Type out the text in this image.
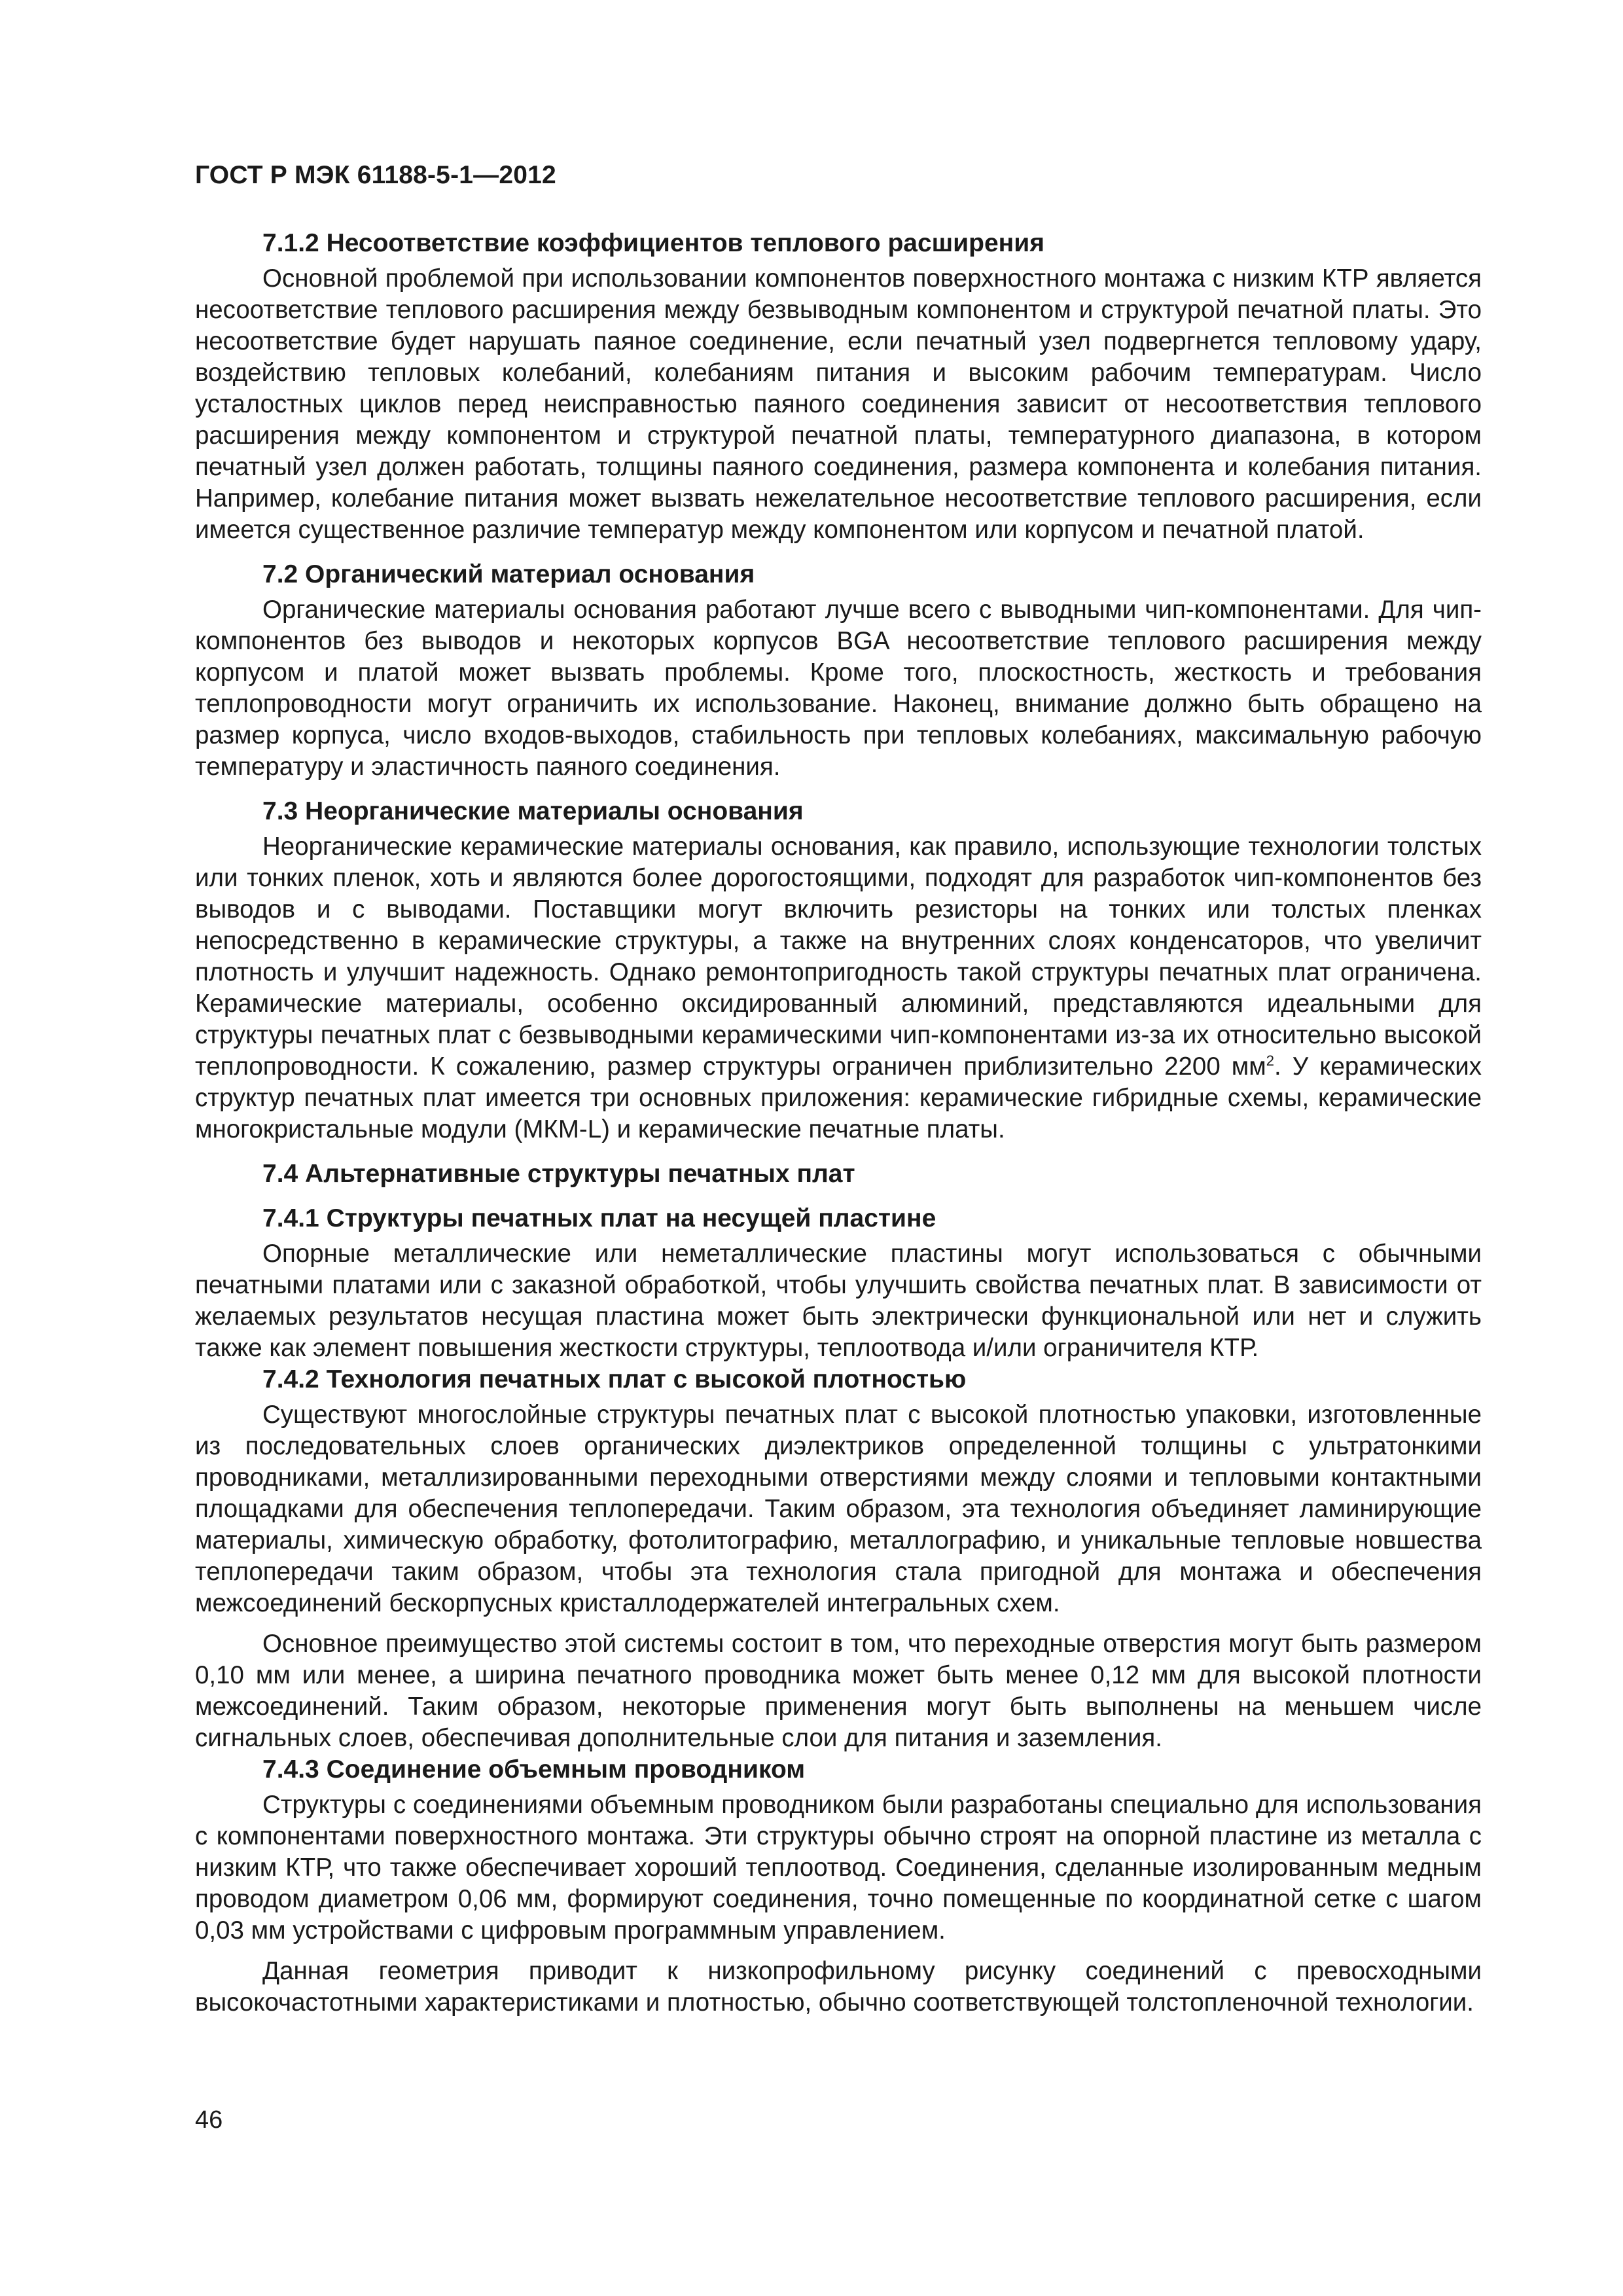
ГОСТ Р МЭК 61188-5-1—2012
7.1.2 Несоответствие коэффициентов теплового расширения

Основной проблемой при использовании компонентов поверхностного монтажа с низким КТР является несоответствие теплового расширения между безвыводным компонентом и структурой печатной платы. Это несоответствие будет нарушать паяное соединение, если печатный узел подвергнется тепловому удару, воздействию тепловых колебаний, колебаниям питания и высоким рабочим температурам. Число усталостных циклов перед неисправностью паяного соединения зависит от несоответствия теплового расширения между компонентом и структурой печатной платы, температурного диапазона, в котором печатный узел должен работать, толщины паяного соединения, размера компонента и колебания питания. Например, колебание питания может вызвать нежелательное несоответствие теплового расширения, если имеется существенное различие температур между компонентом или корпусом и печатной платой.

7.2 Органический материал основания

Органические материалы основания работают лучше всего с выводными чип-компонентами. Для чип-компонентов без выводов и некоторых корпусов BGA несоответствие теплового расширения между корпусом и платой может вызвать проблемы. Кроме того, плоскостность, жесткость и требования теплопроводности могут ограничить их использование. Наконец, внимание должно быть обращено на размер корпуса, число входов-выходов, стабильность при тепловых колебаниях, максимальную рабочую температуру и эластичность паяного соединения.

7.3 Неорганические материалы основания

Неорганические керамические материалы основания, как правило, использующие технологии толстых или тонких пленок, хоть и являются более дорогостоящими, подходят для разработок чип-компонентов без выводов и с выводами. Поставщики могут включить резисторы на тонких или толстых пленках непосредственно в керамические структуры, а также на внутренних слоях конденсаторов, что увеличит плотность и улучшит надежность. Однако ремонтопригодность такой структуры печатных плат ограничена. Керамические материалы, особенно оксидированный алюминий, представляются идеальными для структуры печатных плат с безвыводными керамическими чип-компонентами из-за их относительно высокой теплопроводности. К сожалению, размер структуры ограничен приблизительно 2200 $мм^2$. У керамических структур печатных плат имеется три основных приложения: керамические гибридные схемы, керамические многокристальные модули (МКМ-L) и керамические печатные платы.

7.4 Альтернативные структуры печатных плат
7.4.1 Структуры печатных плат на несущей пластине

Опорные металлические или неметаллические пластины могут использоваться с обычными печатными платами или с заказной обработкой, чтобы улучшить свойства печатных плат. В зависимости от желаемых результатов несущая пластина может быть электрически функциональной или нет и служить также как элемент повышения жесткости структуры, теплоотвода и/или ограничителя КТР.

7.4.2 Технология печатных плат с высокой плотностью

Существуют многослойные структуры печатных плат с высокой плотностью упаковки, изготовленные из последовательных слоев органических диэлектриков определенной толщины с ультратонкими проводниками, металлизированными переходными отверстиями между слоями и тепловыми контактными площадками для обеспечения теплопередачи. Таким образом, эта технология объединяет ламинирующие материалы, химическую обработку, фотолитографию, металлографию, и уникальные тепловые новшества теплопередачи таким образом, чтобы эта технология стала пригодной для монтажа и обеспечения межсоединений бескорпусных кристаллодержателей интегральных схем.

Основное преимущество этой системы состоит в том, что переходные отверстия могут быть размером 0,10 мм или менее, а ширина печатного проводника может быть менее 0,12 мм для высокой плотности межсоединений. Таким образом, некоторые применения могут быть выполнены на меньшем числе сигнальных слоев, обеспечивая дополнительные слои для питания и заземления.

7.4.3 Соединение объемным проводником

Структуры с соединениями объемным проводником были разработаны специально для использования с компонентами поверхностного монтажа. Эти структуры обычно строят на опорной пластине из металла с низким КТР, что также обеспечивает хороший теплоотвод. Соединения, сделанные изолированным медным проводом диаметром 0,06 мм, формируют соединения, точно помещенные по координатной сетке с шагом 0,03 мм устройствами с цифровым программным управлением.

Данная геометрия приводит к низкопрофильному рисунку соединений с превосходными высокочастотными характеристиками и плотностью, обычно соответствующей толстопленочной технологии.

46
